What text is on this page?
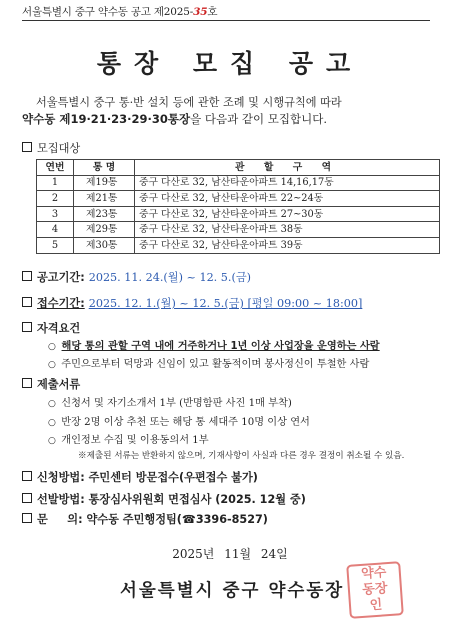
서울특별시 중구 약수동 공고 제2025-35호
통장 모집 공고
서울특별시 중구 통·반 설치 등에 관한 조례 및 시행규칙에 따라
약수동 제19·21·23·29·30통장을 다음과 같이 모집합니다.
모집대상
연번	통 명	관 할 구 역
1	제19통	중구 다산로 32, 남산타운아파트 14,16,17동
2	제21통	중구 다산로 32, 남산타운아파트 22~24동
3	제23통	중구 다산로 32, 남산타운아파트 27~30동
4	제29통	중구 다산로 32, 남산타운아파트 38동
5	제30통	중구 다산로 32, 남산타운아파트 39동
공고기간: 2025. 11. 24.(월) ~ 12. 5.(금)
접수기간: 2025. 12. 1.(월) ~ 12. 5.(금) [평일 09:00 ~ 18:00]
자격요건
○ 해당 통의 관할 구역 내에 거주하거나 1년 이상 사업장을 운영하는 사람
○ 주민으로부터 덕망과 신임이 있고 활동적이며 봉사정신이 투철한 사람
제출서류
○ 신청서 및 자기소개서 1부 (반명함판 사진 1매 부착)
○ 반장 2명 이상 추천 또는 해당 통 세대주 10명 이상 연서
○ 개인정보 수집 및 이용동의서 1부
※제출된 서류는 반환하지 않으며, 기재사항이 사실과 다른 경우 결정이 취소될 수 있음.
신청방법: 주민센터 방문접수(우편접수 불가)
선발방법: 통장심사위원회 면접심사 (2025. 12월 중)
문     의: 약수동 주민행정팀(☎3396-8527)
2025년 11월 24일
서울특별시 중구 약수동장
약수동장인
